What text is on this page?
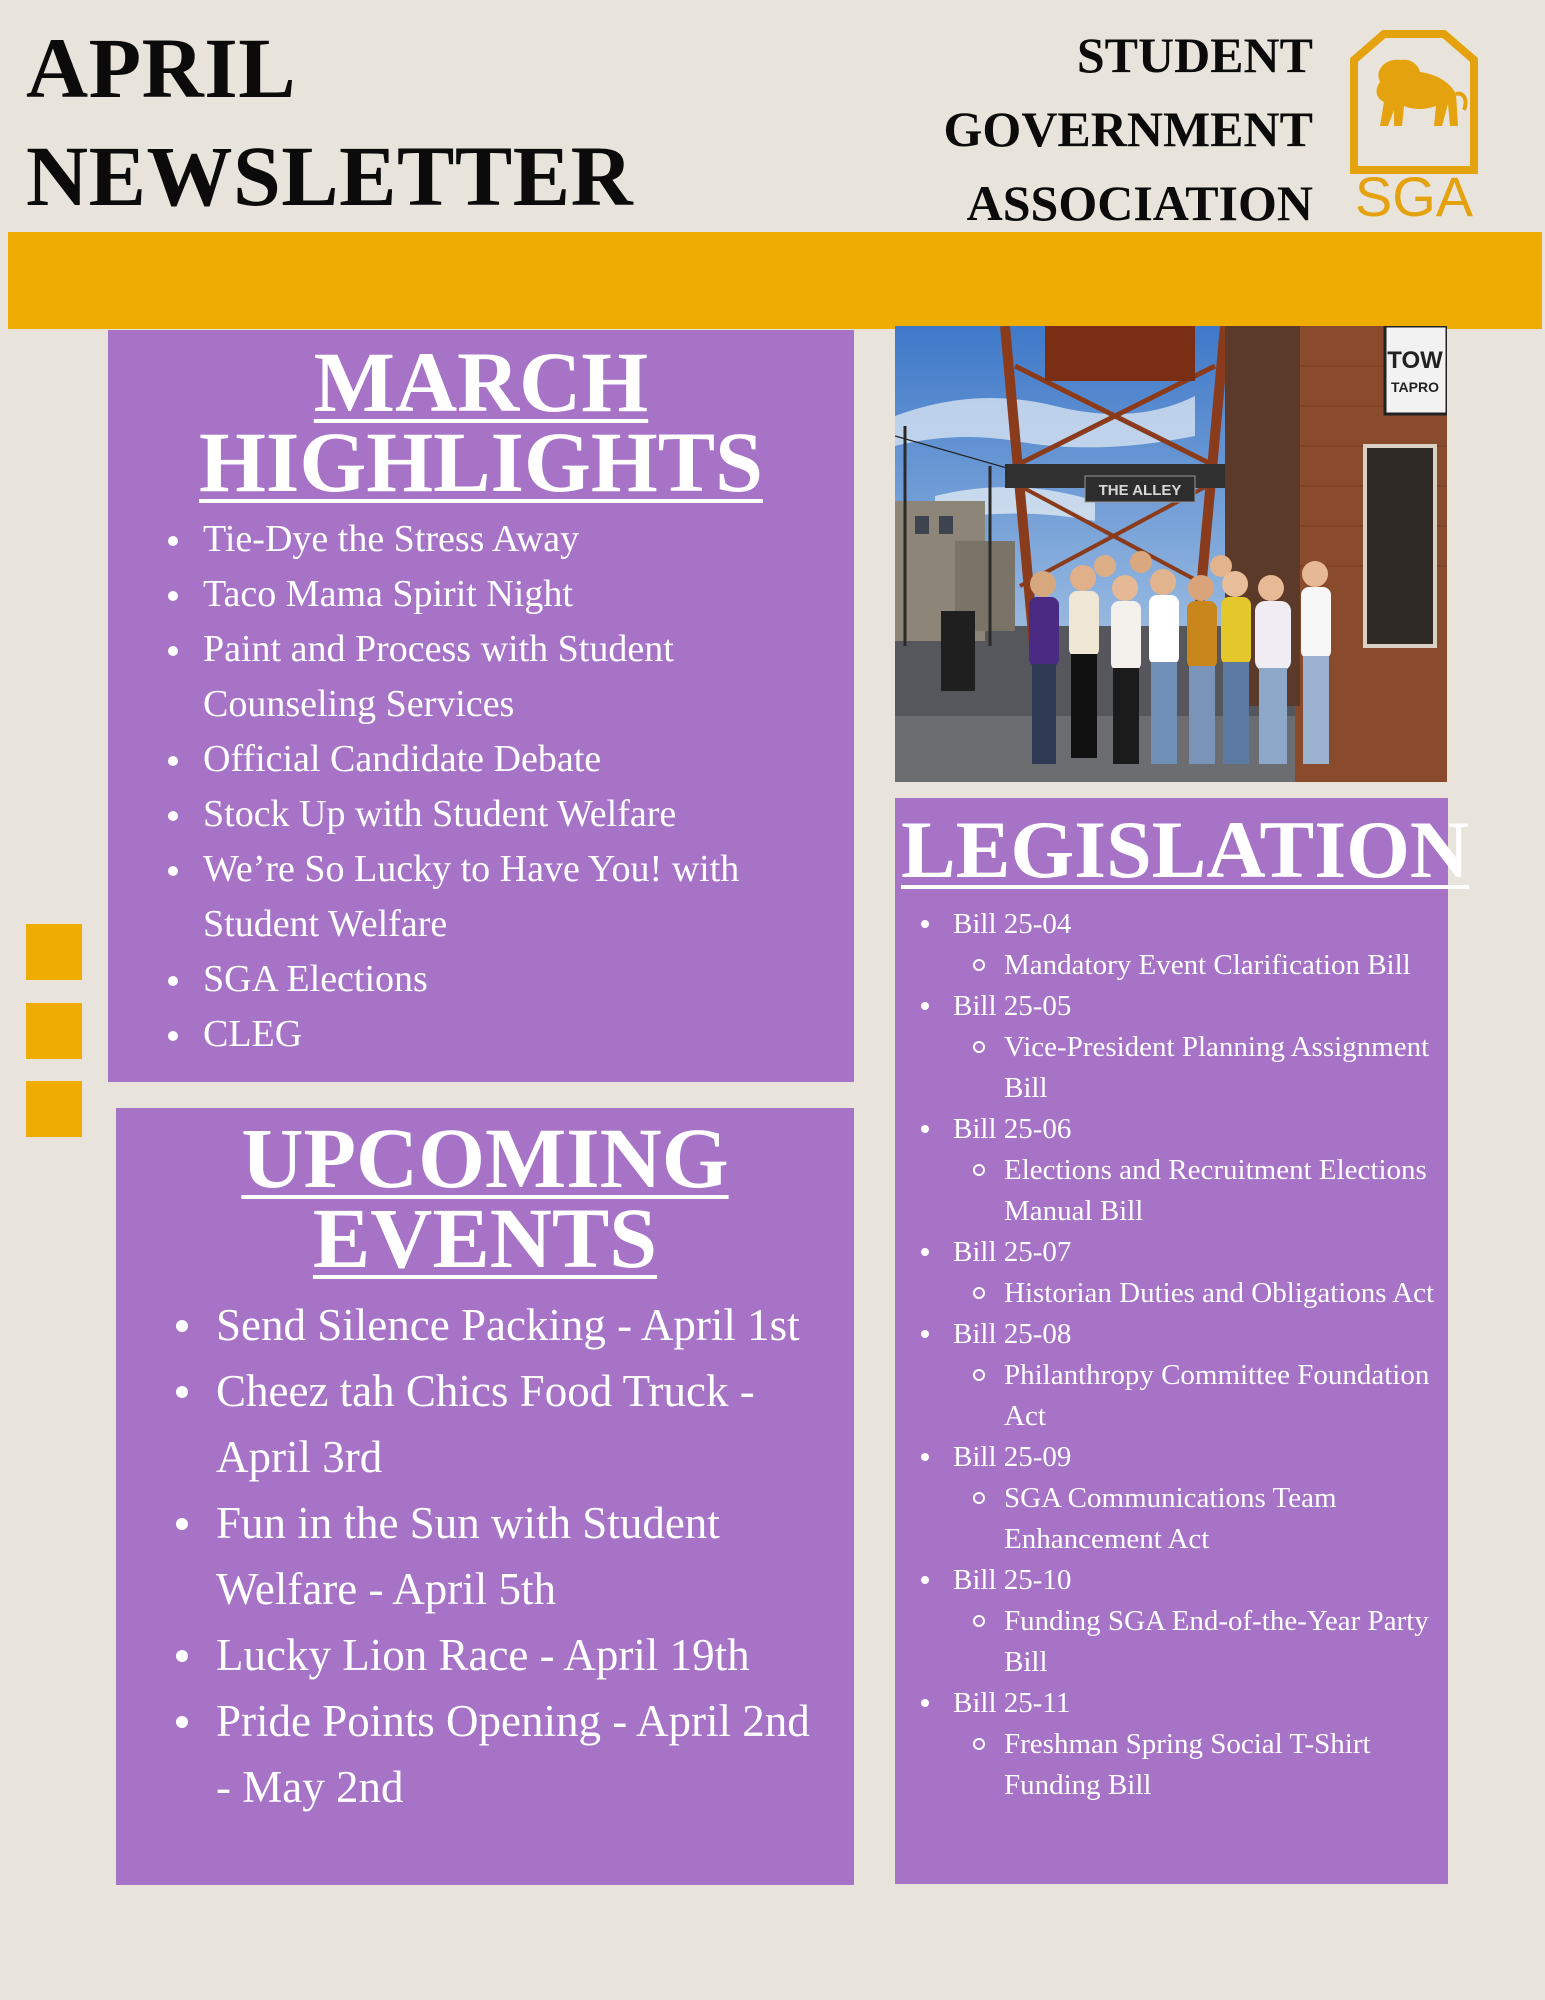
APRIL
NEWSLETTER
STUDENT
GOVERNMENT
ASSOCIATION SGA
MARCH
HIGHLIGHTS
Tie-Dye the Stress Away
Taco Mama Spirit Night
Paint and Process with Student Counseling Services
Official Candidate Debate
Stock Up with Student Welfare
We’re So Lucky to Have You! with Student Welfare
SGA Elections
CLEG
UPCOMING
EVENTS
Send Silence Packing - April 1st
Cheez tah Chics Food Truck - April 3rd
Fun in the Sun with Student Welfare - April 5th
Lucky Lion Race - April 19th
Pride Points Opening - April 2nd - May 2nd
THE ALLEY
TOW
TAPRO
LEGISLATION
Bill 25-04
Mandatory Event Clarification Bill
Bill 25-05
Vice-President Planning Assignment Bill
Bill 25-06
Elections and Recruitment Elections Manual Bill
Bill 25-07
Historian Duties and Obligations Act
Bill 25-08
Philanthropy Committee Foundation Act
Bill 25-09
SGA Communications Team Enhancement Act
Bill 25-10
Funding SGA End-of-the-Year Party Bill
Bill 25-11
Freshman Spring Social T-Shirt Funding Bill
